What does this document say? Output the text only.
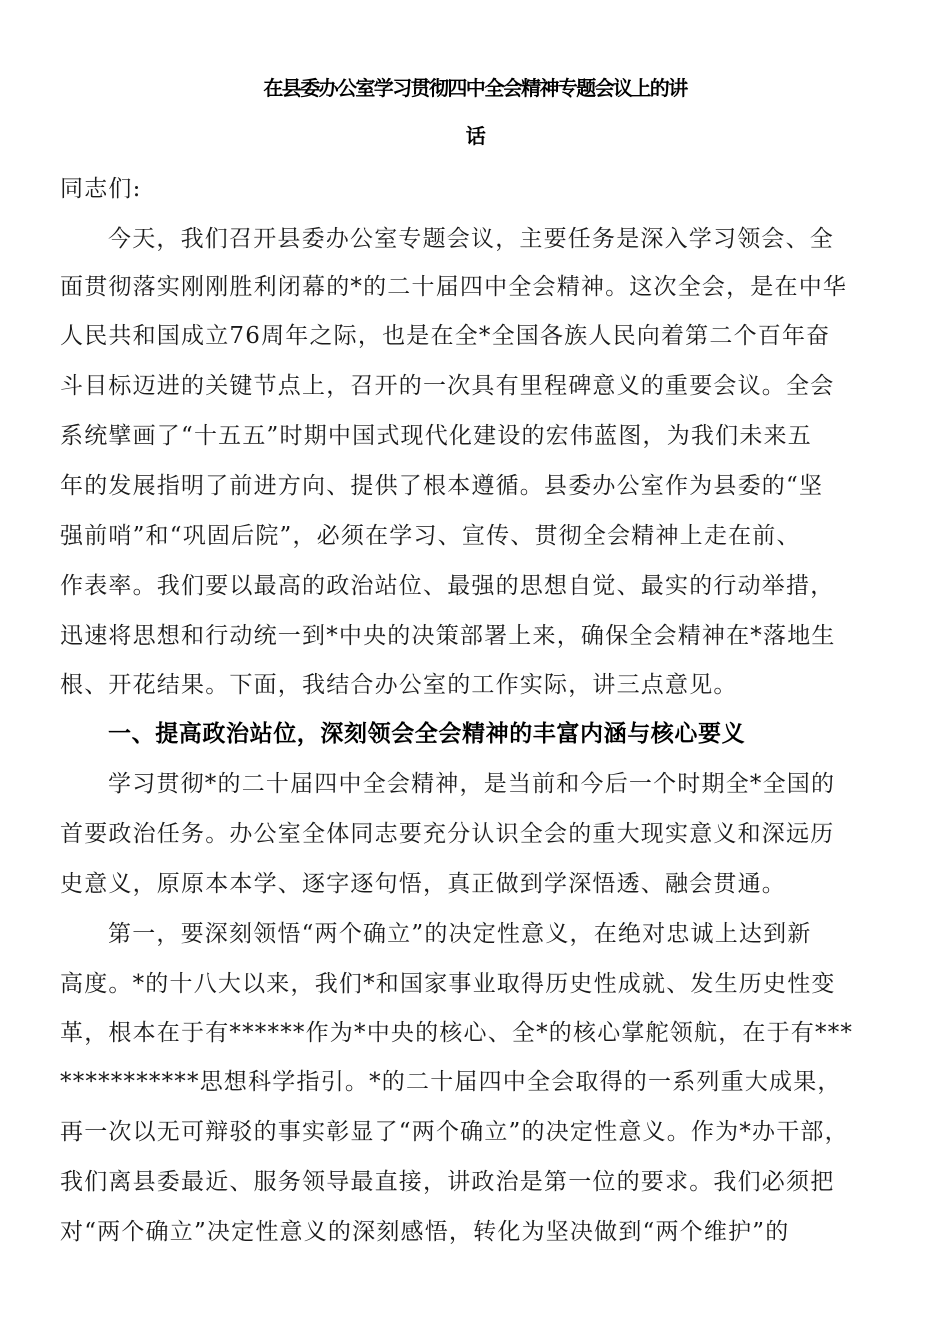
在县委办公室学习贯彻四中全会精神专题会议上的讲
话
同志们:
今天，我们召开县委办公室专题会议，主要任务是深入学习领会、全
面贯彻落实刚刚胜利闭幕的*的二十届四中全会精神。这次全会，是在中华
人民共和国成立76周年之际，也是在全*全国各族人民向着第二个百年奋
斗目标迈进的关键节点上，召开的一次具有里程碑意义的重要会议。全会
系统擘画了“十五五”时期中国式现代化建设的宏伟蓝图，为我们未来五
年的发展指明了前进方向、提供了根本遵循。县委办公室作为县委的“坚
强前哨”和“巩固后院”，必须在学习、宣传、贯彻全会精神上走在前、
作表率。我们要以最高的政治站位、最强的思想自觉、最实的行动举措，
迅速将思想和行动统一到*中央的决策部署上来，确保全会精神在*落地生
根、开花结果。下面，我结合办公室的工作实际，讲三点意见。
一、提高政治站位，深刻领会全会精神的丰富内涵与核心要义
学习贯彻*的二十届四中全会精神，是当前和今后一个时期全*全国的
首要政治任务。办公室全体同志要充分认识全会的重大现实意义和深远历
史意义，原原本本学、逐字逐句悟，真正做到学深悟透、融会贯通。
第一，要深刻领悟“两个确立”的决定性意义，在绝对忠诚上达到新
高度。*的十八大以来，我们*和国家事业取得历史性成就、发生历史性变
革，根本在于有******作为*中央的核心、全*的核心掌舵领航，在于有***
***********思想科学指引。*的二十届四中全会取得的一系列重大成果，
再一次以无可辩驳的事实彰显了“两个确立”的决定性意义。作为*办干部，
我们离县委最近、服务领导最直接，讲政治是第一位的要求。我们必须把
对“两个确立”决定性意义的深刻感悟，转化为坚决做到“两个维护”的
